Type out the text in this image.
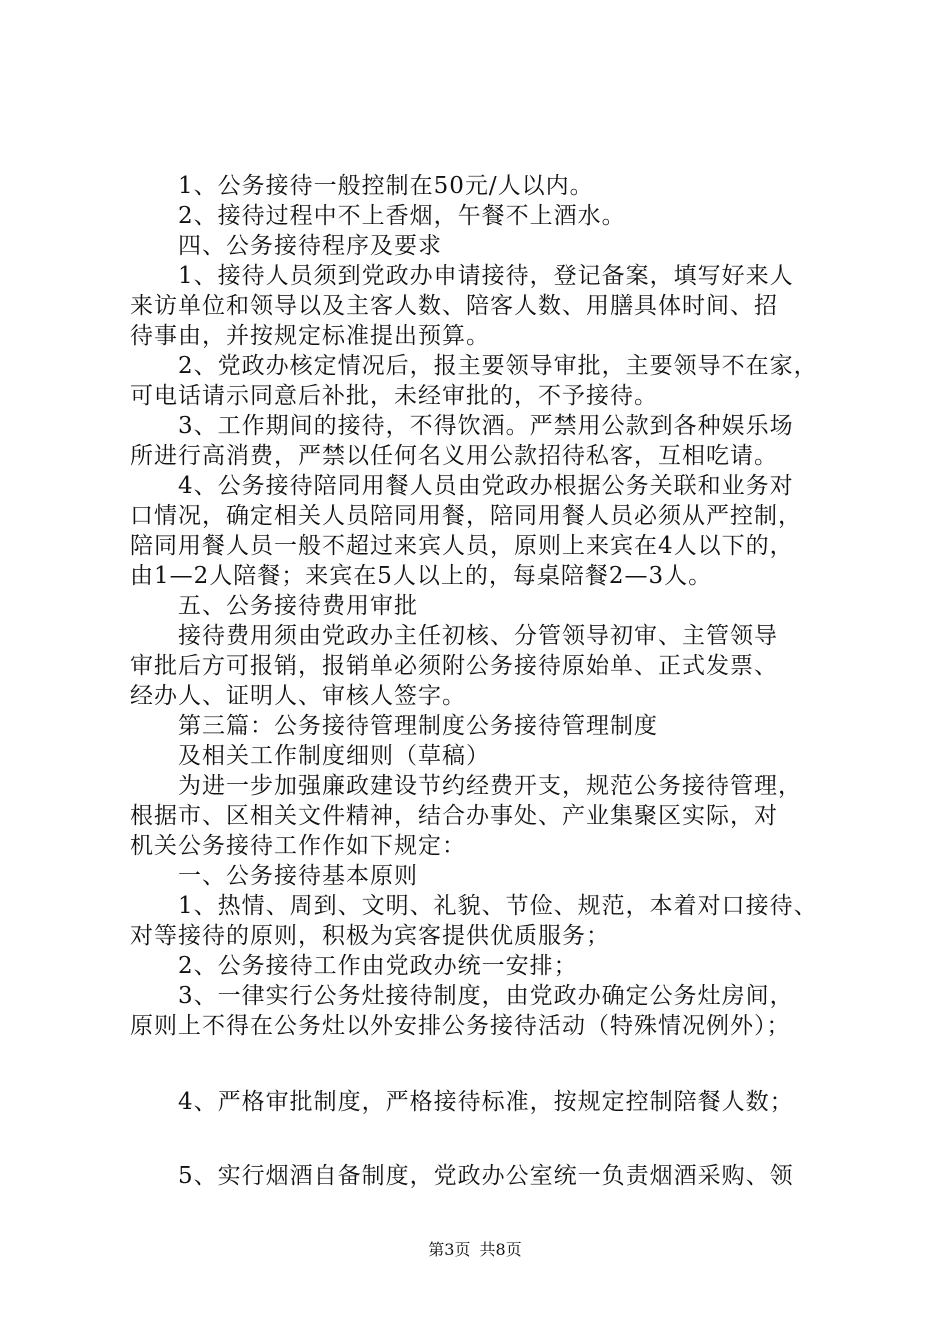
1、公务接待一般控制在50元/人以内。
2、接待过程中不上香烟，午餐不上酒水。
四、公务接待程序及要求
1、接待人员须到党政办申请接待，登记备案，填写好来人
来访单位和领导以及主客人数、陪客人数、用膳具体时间、招
待事由，并按规定标准提出预算。
2、党政办核定情况后，报主要领导审批，主要领导不在家，
可电话请示同意后补批，未经审批的，不予接待。
3、工作期间的接待，不得饮酒。严禁用公款到各种娱乐场
所进行高消费，严禁以任何名义用公款招待私客，互相吃请。
4、公务接待陪同用餐人员由党政办根据公务关联和业务对
口情况，确定相关人员陪同用餐，陪同用餐人员必须从严控制，
陪同用餐人员一般不超过来宾人员，原则上来宾在4人以下的，
由1—2人陪餐；来宾在5人以上的，每桌陪餐2—3人。
五、公务接待费用审批
接待费用须由党政办主任初核、分管领导初审、主管领导
审批后方可报销，报销单必须附公务接待原始单、正式发票、
经办人、证明人、审核人签字。
第三篇：公务接待管理制度公务接待管理制度
及相关工作制度细则（草稿）
为进一步加强廉政建设节约经费开支，规范公务接待管理，
根据市、区相关文件精神，结合办事处、产业集聚区实际，对
机关公务接待工作作如下规定：
一、公务接待基本原则
1、热情、周到、文明、礼貌、节俭、规范，本着对口接待、
对等接待的原则，积极为宾客提供优质服务；
2、公务接待工作由党政办统一安排；
3、一律实行公务灶接待制度，由党政办确定公务灶房间，
原则上不得在公务灶以外安排公务接待活动（特殊情况例外）；
4、严格审批制度，严格接待标准，按规定控制陪餐人数；
5、实行烟酒自备制度，党政办公室统一负责烟酒采购、领
第3页 共8页
